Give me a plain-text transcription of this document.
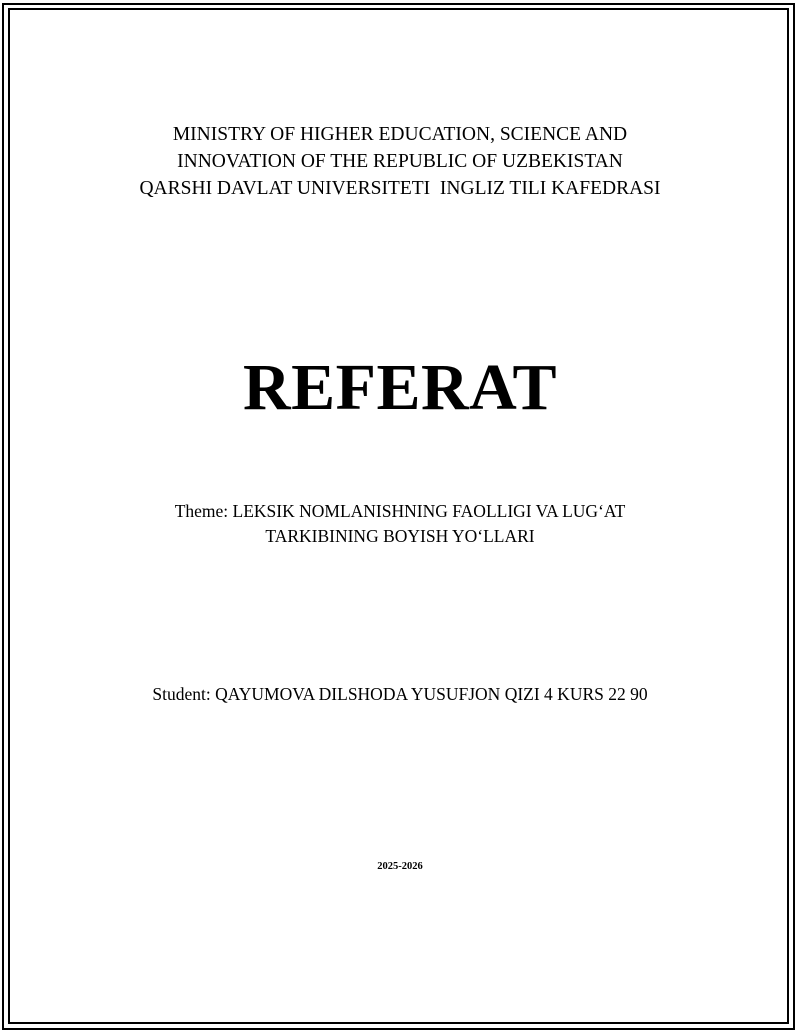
MINISTRY OF HIGHER EDUCATION, SCIENCE AND
INNOVATION OF THE REPUBLIC OF UZBEKISTAN
QARSHI DAVLAT UNIVERSITETI  INGLIZ TILI KAFEDRASI
REFERAT
Theme: LEKSIK NOMLANISHNING FAOLLIGI VA LUG‘AT
TARKIBINING BOYISH YO‘LLARI
Student: QAYUMOVA DILSHODA YUSUFJON QIZI 4 KURS 22 90
2025-2026
